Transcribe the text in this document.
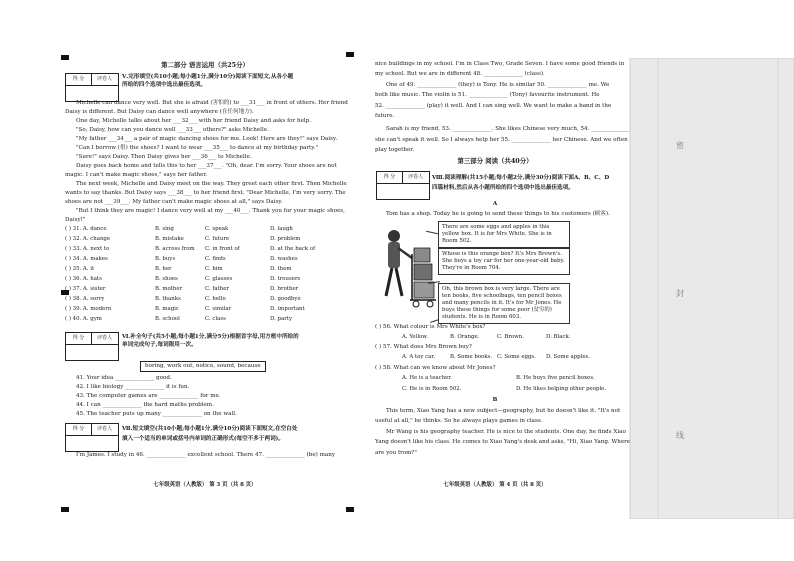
第二部分 语言运用（共25分）
得 分	评卷人	Ⅴ.完形填空(共10小题;每小题1分,满分10分)阅读下面短文,从各小题
所给的四个选项中选出最佳选项。
Michelle can dance very well. But she is afraid (害怕的) to ___31___ in front of others. Her friend
Daisy is different. But Daisy can dance well anywhere (在任何地方).
One day, Michelle talks about her ___32___ with her friend Daisy and asks for help.
"So, Daisy, how can you dance well ___33___ others?" asks Michelle.
"My father ___34___ a pair of magic dancing shoes for me. Look! Here are they!" says Daisy.
"Can I borrow (借) the shoes? I want to wear ___35___ to dance at my birthday party."
"Sure!" says Daisy. Then Daisy gives her ___36___ to Michelle.
Daisy goes back home and tells this to her ___37___. "Oh, dear. I'm sorry. Your shoes are not
magic. I can't make magic shoes," says her father.
The next week, Michelle and Daisy meet on the way. They greet each other first. Then Michelle
wants to say thanks. But Daisy says ___38___ to her friend first. "Dear Michelle, I'm very sorry. The
shoes are not ___39___. My father can't make magic shoes at all," says Daisy.
"But I think they are magic! I dance very well at my ___40___. Thank you for your magic shoes,
Daisy!"
( ) 31. A. dance	B. sing	C. speak	D. laugh
( ) 32. A. change	B. mistake	C. future	D. problem
( ) 33. A. next to	B. across from C. in front of	D. at the back of
( ) 34. A. makes	B. buys	C. finds	D. washes
( ) 35. A. it	B. her	C. him	D. them
( ) 36. A. hats	B. shoes	C. glasses	D. trousers
( ) 37. A. sister	B. mother	C. father	D. brother
( ) 38. A. sorry	B. thanks	C. hello	D. goodbye
( ) 39. A. modern	B. magic	C. similar	D. important
( ) 40. A. gym	B. school	C. class	D. party
得 分	评卷人	Ⅵ.补全句子(共5小题;每小题1分,满分5分)根据首字母,用方框中所给的
单词完成句子,每词限用一次。
boring, work out, notice, sound, because
41. Your idea ______________ good.
42. I like biology ______________ it is fun.
43. The computer games are ______________ for me.
44. I can ______________ the hard maths problem.
45. The teacher puts up many ______________ on the wall.
得 分	评卷人	Ⅶ.短文填空(共10小题;每小题1分,满分10分)阅读下面短文,在空白处
填入一个适当的单词或括号内单词的正确形式(每空不多于两词)。
I'm James. I study in 46. ______________ excellent school. There 47. ______________ (be) many
七年级英语（人教版） 第 3 页（共 8 页）
nice buildings in my school. I'm in Class Two, Grade Seven. I have some good friends in
my school. But we are in different 48. ______________ (class).
One of 49. ______________ (they) is Tony. He is similar 50. ______________ me. We
both like music. The violin is 51. ______________ (Tony) favourite instrument. He
52. ______________ (play) it well. And I can sing well. We want to make a band in the
future.
Sarah is my friend, 53. ______________. She likes Chinese very much, 54. ______________
she can't speak it well. So I always help her 55. ______________ her Chinese. And we often
play together.
第三部分 阅读（共40分）
得 分	评卷人	Ⅷ.阅读理解(共15小题;每小题2分,满分30分)阅读下面A、B、C、D
四篇材料,然后从各小题所给的四个选项中选出最佳选项。
A
Tom has a shop. Today he is going to send these things to his customers (顾客).
There are some eggs and apples in this yellow box. It is for Mrs White. She is in Room 502.
Whose is this orange box? It's Mrs Brown's. She buys a toy car for her one-year-old baby. They're in Room 704.
Oh, this brown box is very large. There are ten books, five schoolbags, ten pencil boxes and many pencils in it. It's for Mr Jones. He buys these things for some poor (贫穷的) students. He is in Room 603.
( ) 56. What colour is Mrs White's box?
A. Yellow.	B. Orange.	C. Brown.	D. Black.
( ) 57. What does Mrs Brown buy?
A. A toy car.	B. Some books. C. Some eggs. D. Some apples.
( ) 58. What can we know about Mr Jones?
A. He is a teacher.	B. He buys five pencil boxes.
C. He is in Room 502.	D. He likes helping other people.
B
This term, Xiao Yang has a new subject—geography, but he doesn't like it. "It's not
useful at all," he thinks. So he always plays games in class.
Mr Wang is his geography teacher. He is nice to the students. One day, he finds Xiao
Yang doesn't like his class. He comes to Xiao Yang's desk and asks, "Hi, Xiao Yang. Where
are you from?"
七年级英语（人教版） 第 4 页（共 8 页）
密
封
线
